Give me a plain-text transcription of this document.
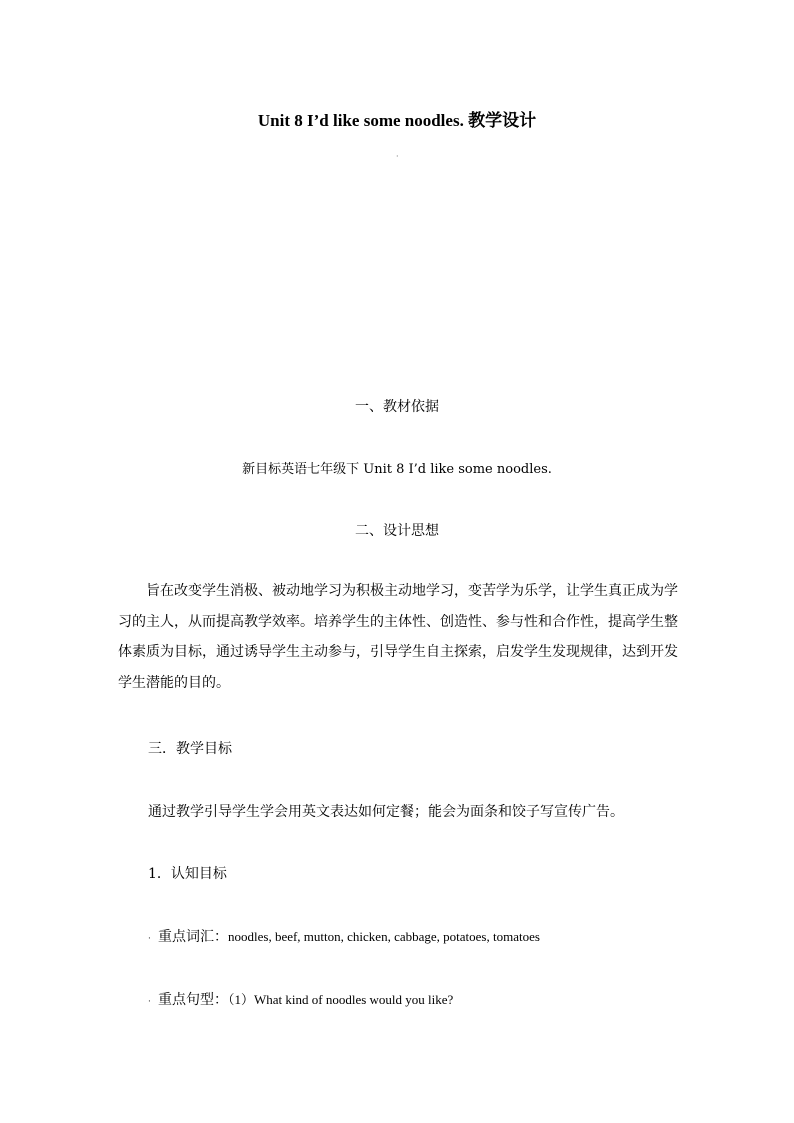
Unit 8 I’d like some noodles. 教学设计
·
一、教材依据
新目标英语七年级下 Unit 8 I’d like some noodles.
二、设计思想
旨在改变学生消极、被动地学习为积极主动地学习，变苦学为乐学，让学生真正成为学习的主人，从而提高教学效率。培养学生的主体性、创造性、参与性和合作性，提高学生整体素质为目标，通过诱导学生主动参与，引导学生自主探索，启发学生发现规律，达到开发学生潜能的目的。
三．教学目标
通过教学引导学生学会用英文表达如何定餐；能会为面条和饺子写宣传广告。
1．认知目标
· 重点词汇：noodles, beef, mutton, chicken, cabbage, potatoes, tomatoes
· 重点句型：（1）What kind of noodles would you like?
